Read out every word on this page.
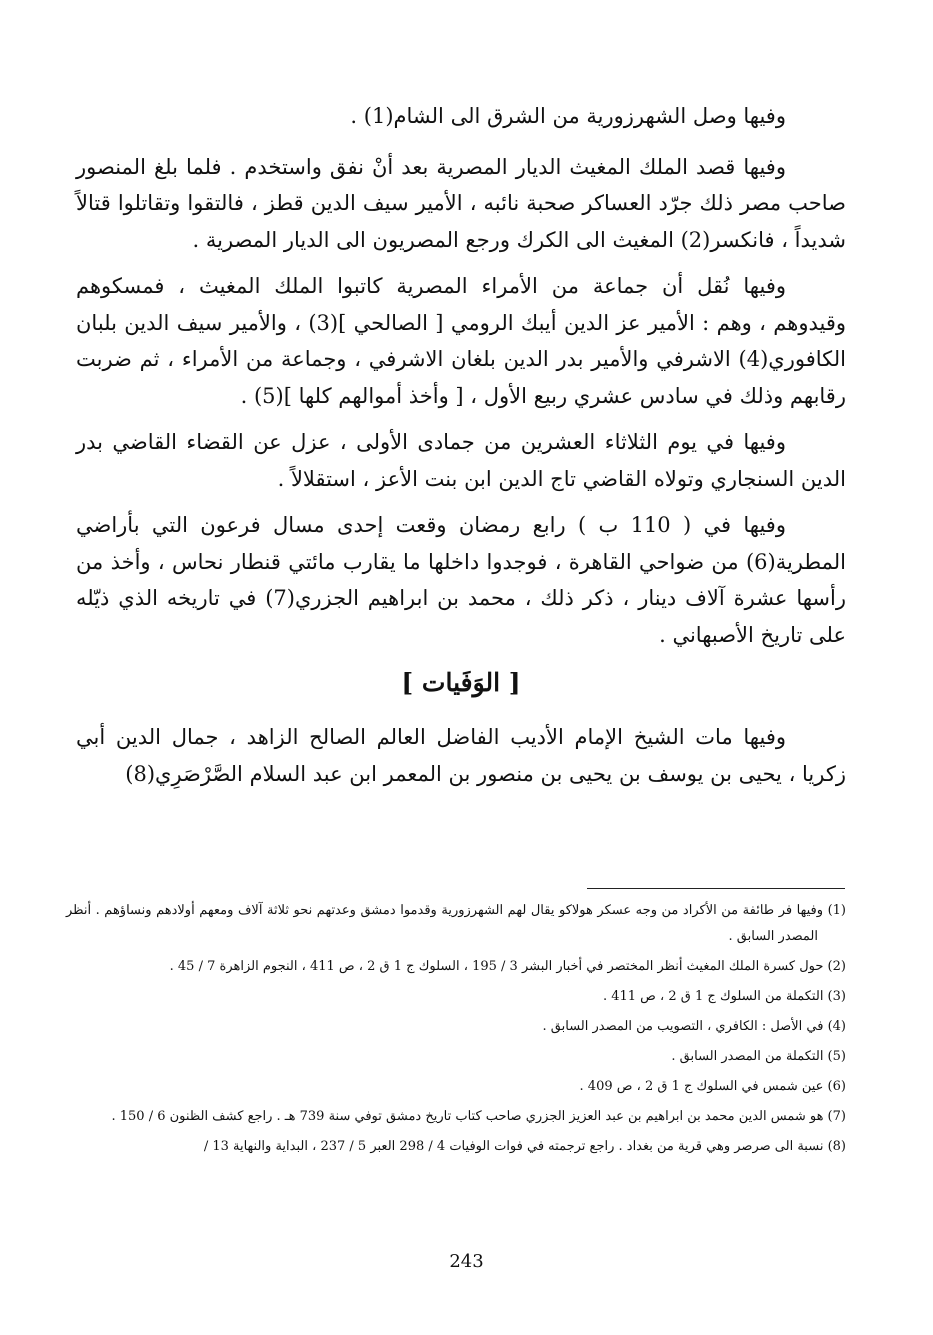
وفيها وصل الشهرزورية من الشرق الى الشام(1) .

وفيها قصد الملك المغيث الديار المصرية بعد أنْ نفق واستخدم . فلما بلغ المنصور صاحب مصر ذلك جرّد العساكر صحبة نائبه ، الأمير سيف الدين قطز ، فالتقوا وتقاتلوا قتالاً شديداً ، فانكسر(2) المغيث الى الكرك ورجع المصريون الى الديار المصرية .

وفيها نُقل أن جماعة من الأمراء المصرية كاتبوا الملك المغيث ، فمسكوهم وقيدوهم ، وهم : الأمير عز الدين أيبك الرومي [ الصالحي ](3) ، والأمير سيف الدين بلبان الكافوري(4) الاشرفي والأمير بدر الدين بلغان الاشرفي ، وجماعة من الأمراء ، ثم ضربت رقابهم وذلك في سادس عشري ربيع الأول ، [ وأخذ أموالهم كلها ](5) .

وفيها في يوم الثلاثاء العشرين من جمادى الأولى ، عزل عن القضاء القاضي بدر الدين السنجاري وتولاه القاضي تاج الدين ابن بنت الأعز ، استقلالاً .

وفيها في ( 110 ب ) رابع رمضان وقعت إحدى مسال فرعون التي بأراضي المطرية(6) من ضواحي القاهرة ، فوجدوا داخلها ما يقارب مائتي قنطار نحاس ، وأخذ من رأسها عشرة آلاف دينار ، ذكر ذلك ، محمد بن ابراهيم الجزري(7) في تاريخه الذي ذيّله على تاريخ الأصبهاني .

[ الوَفَيات ]

وفيها مات الشيخ الإمام الأديب الفاضل العالم الصالح الزاهد ، جمال الدين أبي زكريا ، يحيى بن يوسف بن يحيى بن منصور بن المعمر ابن عبد السلام الصَّرْصَرِي(8)

(1) وفيها فر طائفة من الأكراد من وجه عسكر هولاكو يقال لهم الشهرزورية وقدموا دمشق وعدتهم نحو ثلاثة آلاف ومعهم أولادهم ونساؤهم . أنظر المصدر السابق .

(2) حول كسرة الملك المغيث أنظر المختصر في أخبار البشر 3 / 195 ، السلوك ج 1 ق 2 ، ص 411 ، النجوم الزاهرة 7 / 45 .

(3) التكملة من السلوك ج 1 ق 2 ، ص 411 .

(4) في الأصل : الكافري ، التصويب من المصدر السابق .

(5) التكملة من المصدر السابق .

(6) عين شمس في السلوك ج 1 ق 2 ، ص 409 .

(7) هو شمس الدين محمد بن ابراهيم بن عبد العزيز الجزري صاحب كتاب تاريخ دمشق توفي سنة 739 هـ . راجع كشف الظنون 6 / 150 .

(8) نسبة الى صرصر وهي قرية من بغداد . راجع ترجمته في فوات الوفيات 4 / 298 العبر 5 / 237 ، البداية والنهاية 13 /

243
